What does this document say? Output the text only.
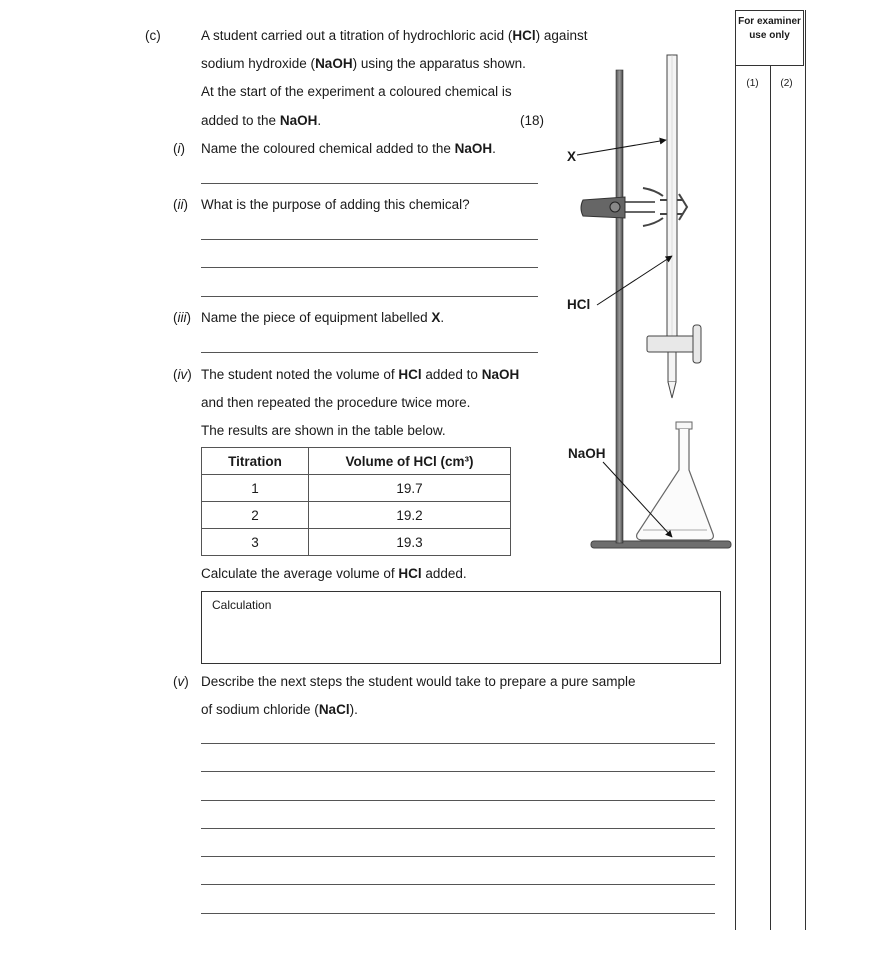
For examiner use only
(1)	(2)
(c)	A student carried out a titration of hydrochloric acid (HCl) against
sodium hydroxide (NaOH) using the apparatus shown.
At the start of the experiment a coloured chemical is
added to the NaOH.	(18)
(i) Name the coloured chemical added to the NaOH.
(ii) What is the purpose of adding this chemical?
(iii) Name the piece of equipment labelled X.
(iv) The student noted the volume of HCl added to NaOH
and then repeated the procedure twice more.
The results are shown in the table below.
Titration	Volume of HCl (cm³)
1	19.7
2	19.2
3	19.3
Calculate the average volume of HCl added.
Calculation
(v) Describe the next steps the student would take to prepare a pure sample
of sodium chloride (NaCl).
X
HCl
NaOH
